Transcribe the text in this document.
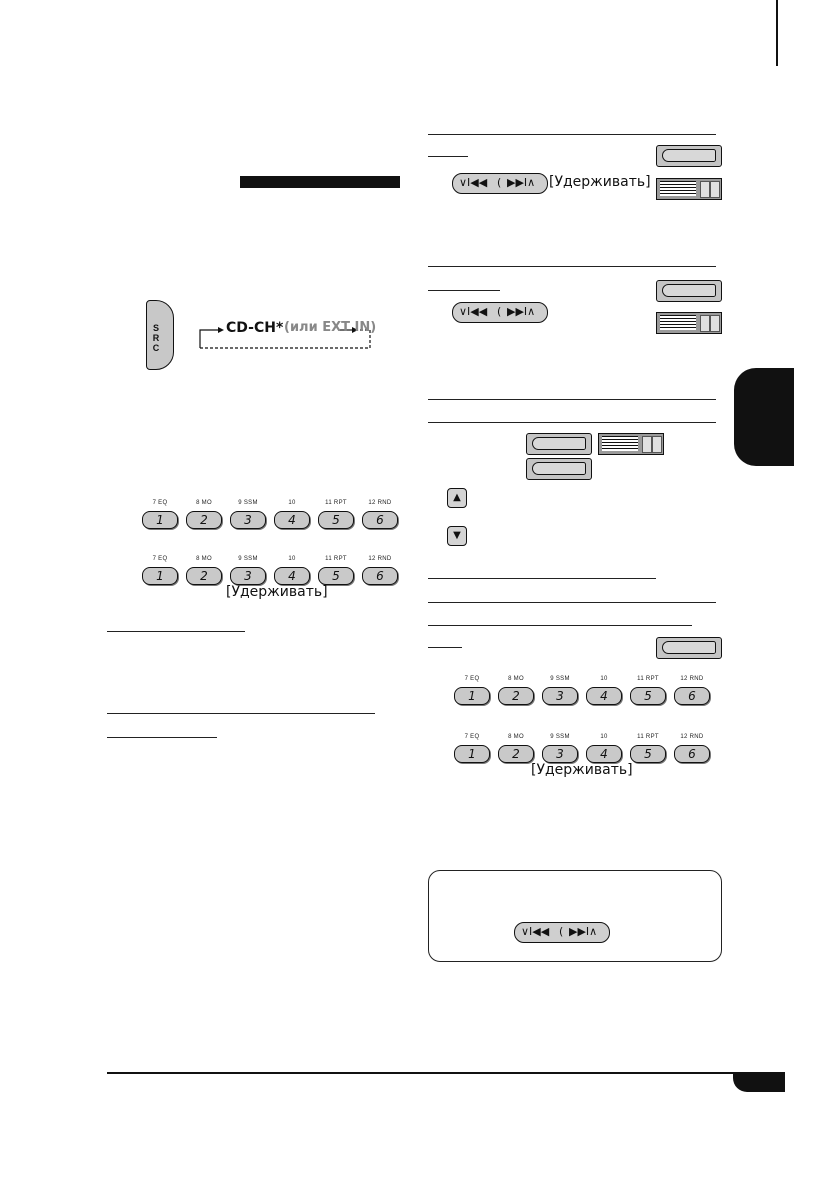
S
R
C
CD-CH* (или EXT IN)
7 EQ
1
8 MO
2
9 SSM
3
10
4
11 RPT
5
12 RND
6
7 EQ
1
8 MO
2
9 SSM
3
10
4
11 RPT
5
12 RND
6
[Удерживать]
∨I◀◀ ( ▶▶I∧ [Удерживать]
∨I◀◀ ( ▶▶I∧
▲
▼
7 EQ
1
8 MO
2
9 SSM
3
10
4
11 RPT
5
12 RND
6
7 EQ
1
8 MO
2
9 SSM
3
10
4
11 RPT
5
12 RND
6
[Удерживать]
∨I◀◀ ( ▶▶I∧
